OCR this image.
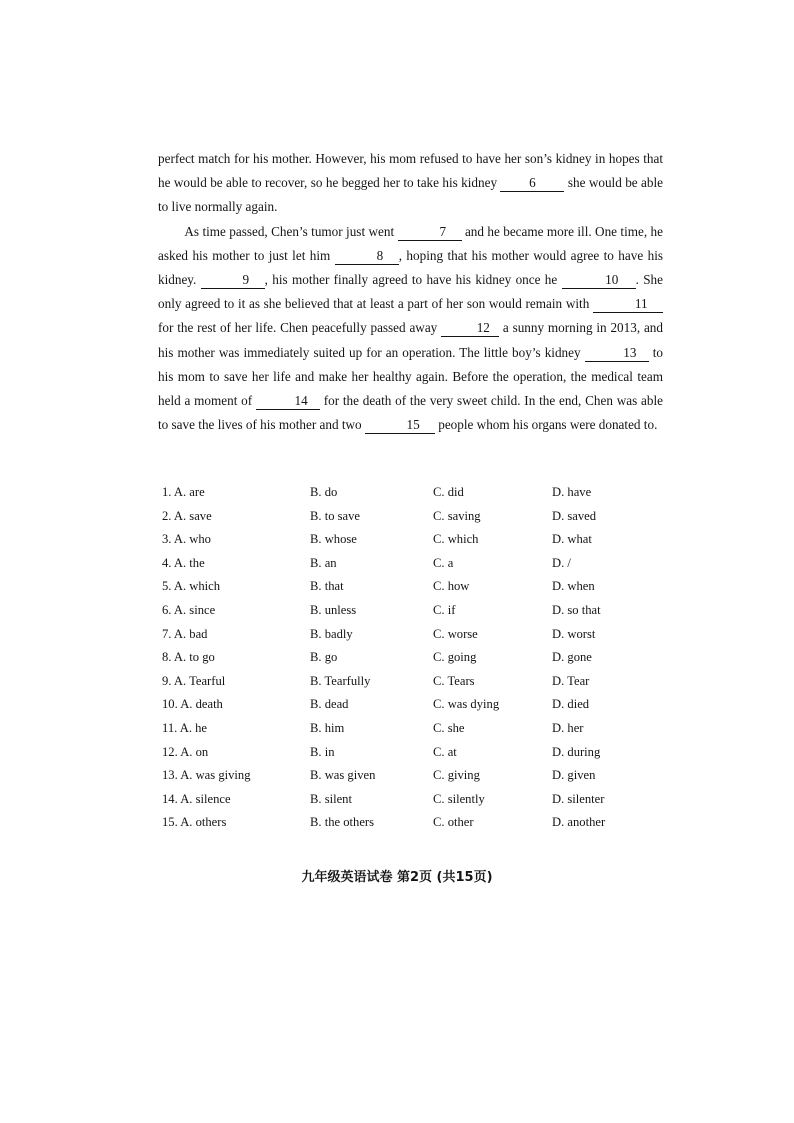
perfect match for his mother. However, his mom refused to have her son’s kidney in hopes that he would be able to recover, so he begged her to take his kidney 6 she would be able to live normally again.

As time passed, Chen’s tumor just went	7 and he became more ill. One time, he asked his mother to just let him	8 , hoping that his mother would agree to have his kidney.	9 , his mother finally agreed to have his kidney once he	10 . She only agreed to it as she believed that at least a part of her son would remain with	11 for the rest of her life. Chen peacefully passed away	12 a sunny morning in 2013, and his mother was immediately suited up for an operation. The little boy’s kidney	13 to his mom to save her life and make her healthy again. Before the operation, the medical team held a moment of	14 for the death of the very sweet child. In the end, Chen was able to save the lives of his mother and two	15 people whom his organs were donated to.

1. A. are	B. do	C. did	D. have
2. A. save	B. to save	C. saving	D. saved
3. A. who	B. whose	C. which	D. what
4. A. the	B. an	C. a	D. /
5. A. which	B. that	C. how	D. when
6. A. since	B. unless	C. if	D. so that
7. A. bad	B. badly	C. worse	D. worst
8. A. to go	B. go	C. going	D. gone
9. A. Tearful	B. Tearfully	C. Tears	D. Tear
10. A. death	B. dead	C. was dying	D. died
11. A. he	B. him	C. she	D. her
12. A. on	B. in	C. at	D. during
13. A. was giving	B. was given	C. giving	D. given
14. A. silence	B. silent	C. silently	D. silenter
15. A. others	B. the others	C. other	D. another
九年级英语试卷 第2页 (共15页)
